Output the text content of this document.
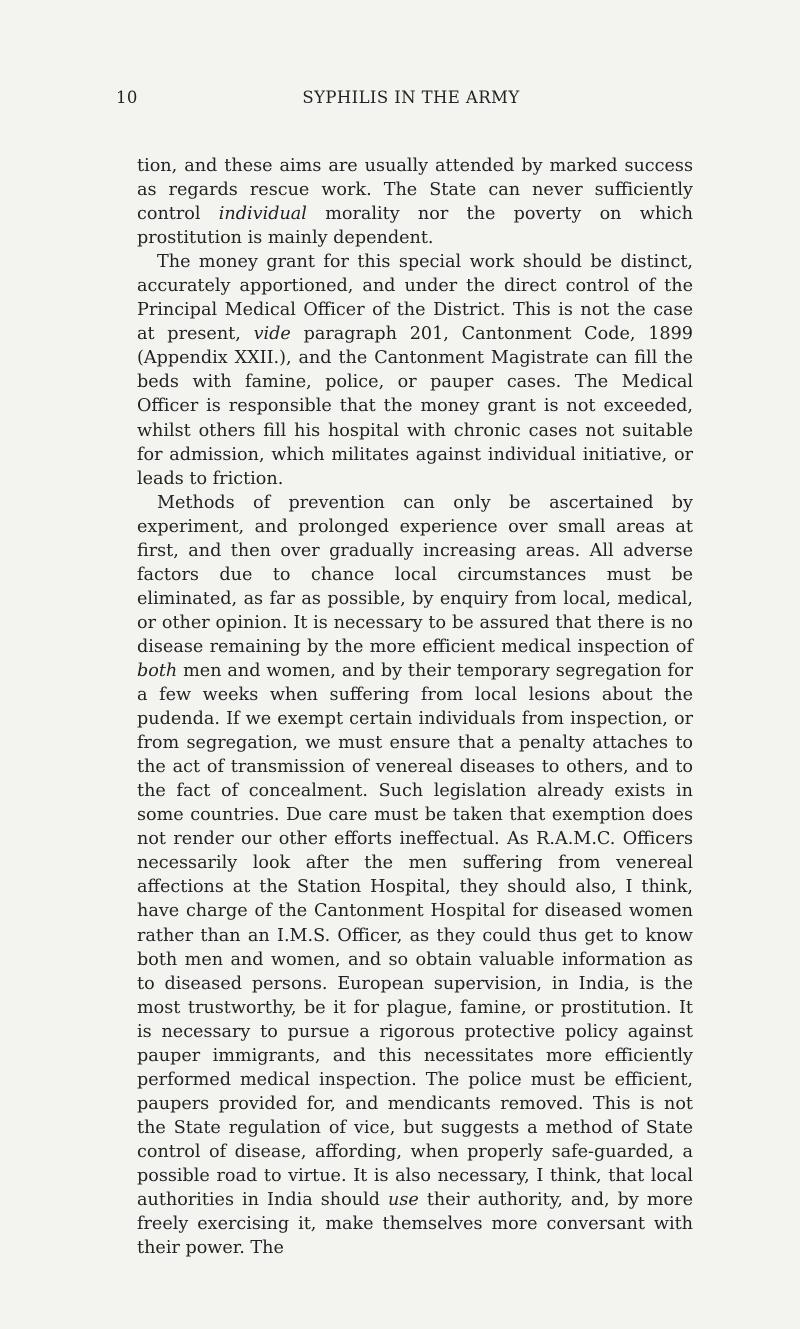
10	SYPHILIS IN THE ARMY

tion, and these aims are usually attended by marked success as regards rescue work. The State can never sufficiently control individual morality nor the poverty on which prostitution is mainly dependent.

The money grant for this special work should be distinct, accurately apportioned, and under the direct control of the Principal Medical Officer of the District. This is not the case at present, vide paragraph 201, Cantonment Code, 1899 (Appendix XXII.), and the Cantonment Magistrate can fill the beds with famine, police, or pauper cases. The Medical Officer is responsible that the money grant is not exceeded, whilst others fill his hospital with chronic cases not suitable for admission, which militates against individual initiative, or leads to friction.

Methods of prevention can only be ascertained by experiment, and prolonged experience over small areas at first, and then over gradually increasing areas. All adverse factors due to chance local circumstances must be eliminated, as far as possible, by enquiry from local, medical, or other opinion. It is necessary to be assured that there is no disease remaining by the more efficient medical inspection of both men and women, and by their temporary segregation for a few weeks when suffering from local lesions about the pudenda. If we exempt certain individuals from inspection, or from segregation, we must ensure that a penalty attaches to the act of transmission of venereal diseases to others, and to the fact of concealment. Such legislation already exists in some countries. Due care must be taken that exemption does not render our other efforts ineffectual. As R.A.M.C. Officers necessarily look after the men suffering from venereal affections at the Station Hospital, they should also, I think, have charge of the Cantonment Hospital for diseased women rather than an I.M.S. Officer, as they could thus get to know both men and women, and so obtain valuable information as to diseased persons. European supervision, in India, is the most trustworthy, be it for plague, famine, or prostitution. It is necessary to pursue a rigorous protective policy against pauper immigrants, and this necessitates more efficiently performed medical inspection. The police must be efficient, paupers provided for, and mendicants removed. This is not the State regulation of vice, but suggests a method of State control of disease, affording, when properly safe-guarded, a possible road to virtue. It is also necessary, I think, that local authorities in India should use their authority, and, by more freely exercising it, make themselves more conversant with their power. The
